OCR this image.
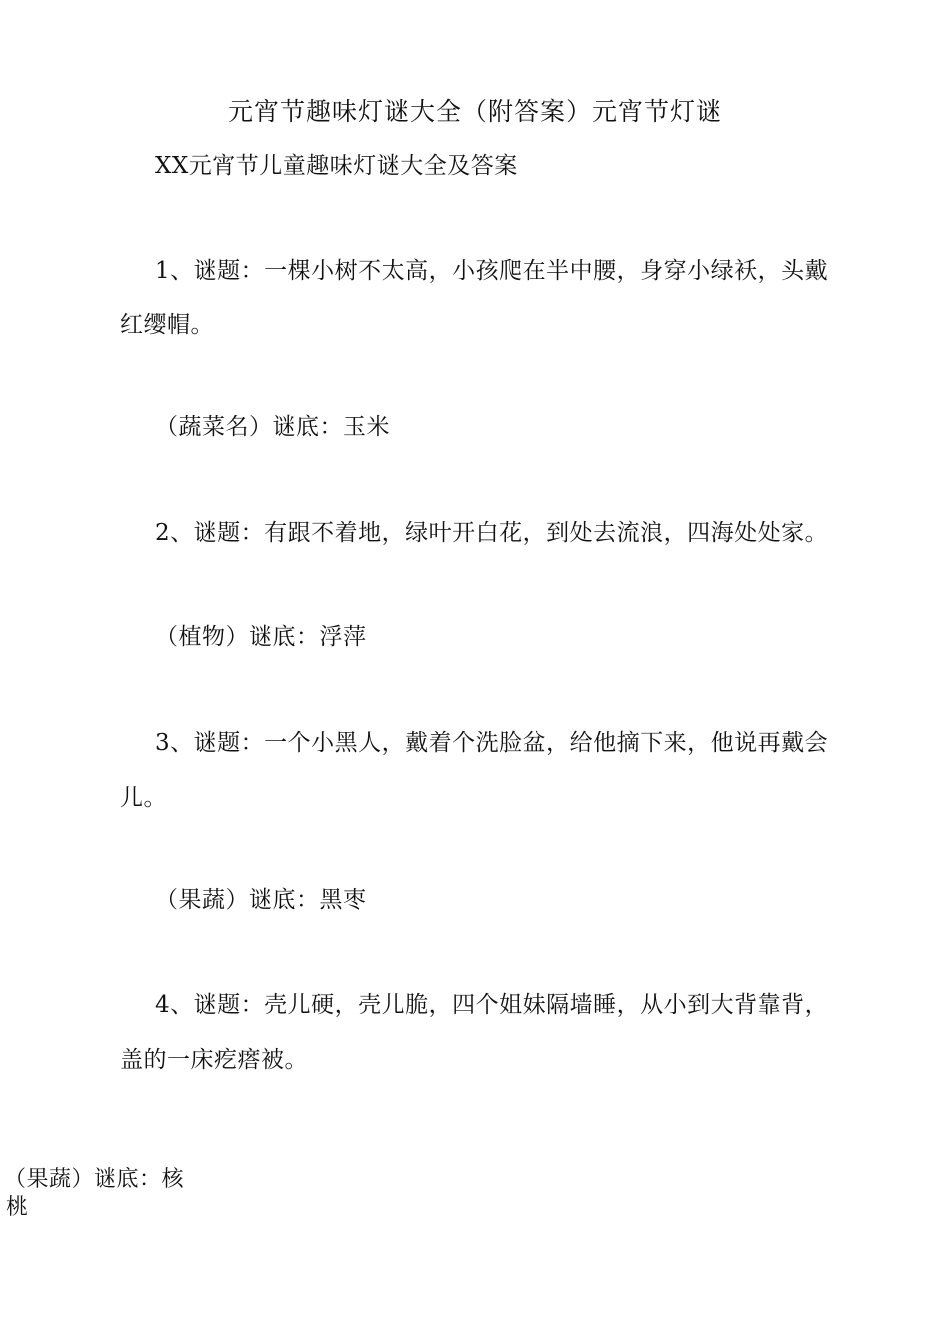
元宵节趣味灯谜大全（附答案）元宵节灯谜
XX元宵节儿童趣味灯谜大全及答案
1、谜题：一棵小树不太高，小孩爬在半中腰，身穿小绿袄，头戴
红缨帽。
（蔬菜名）谜底：玉米
2、谜题：有跟不着地，绿叶开白花，到处去流浪，四海处处家。
（植物）谜底：浮萍
3、谜题：一个小黑人，戴着个洗脸盆，给他摘下来，他说再戴会
儿。
（果蔬）谜底：黑枣
4、谜题：壳儿硬，壳儿脆，四个姐妹隔墙睡，从小到大背靠背，
盖的一床疙瘩被。
（果蔬）谜底：核
桃
